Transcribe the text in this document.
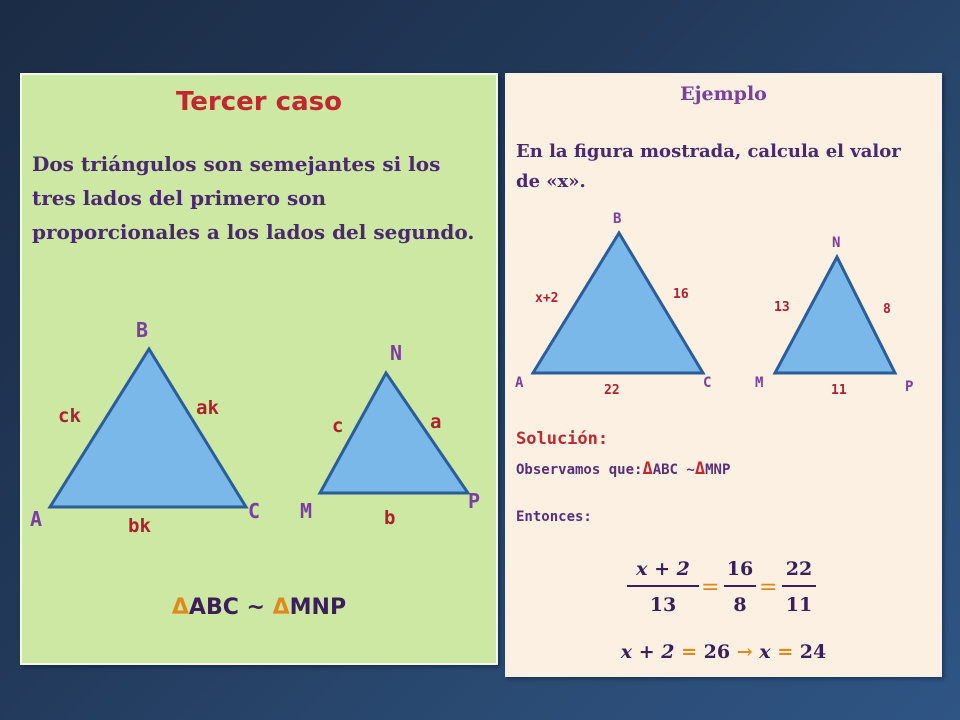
Tercer caso
Dos triángulos son semejantes si los tres lados del primero son proporcionales a los lados del segundo.
B
A	C
ck	ak
bk
N
M	P
c	a
b
ΔABC ~ ΔMNP
Ejemplo
En la figura mostrada, calcula el valor de «x».
B
A	C
x+2	16
22
N
M	P
13	8
11
Solución:
Observamos que:ΔABC ~ΔMNP
Entonces:
x + 2
13
=
16
8
=
22
11
x + 2 = 26 → x = 24
